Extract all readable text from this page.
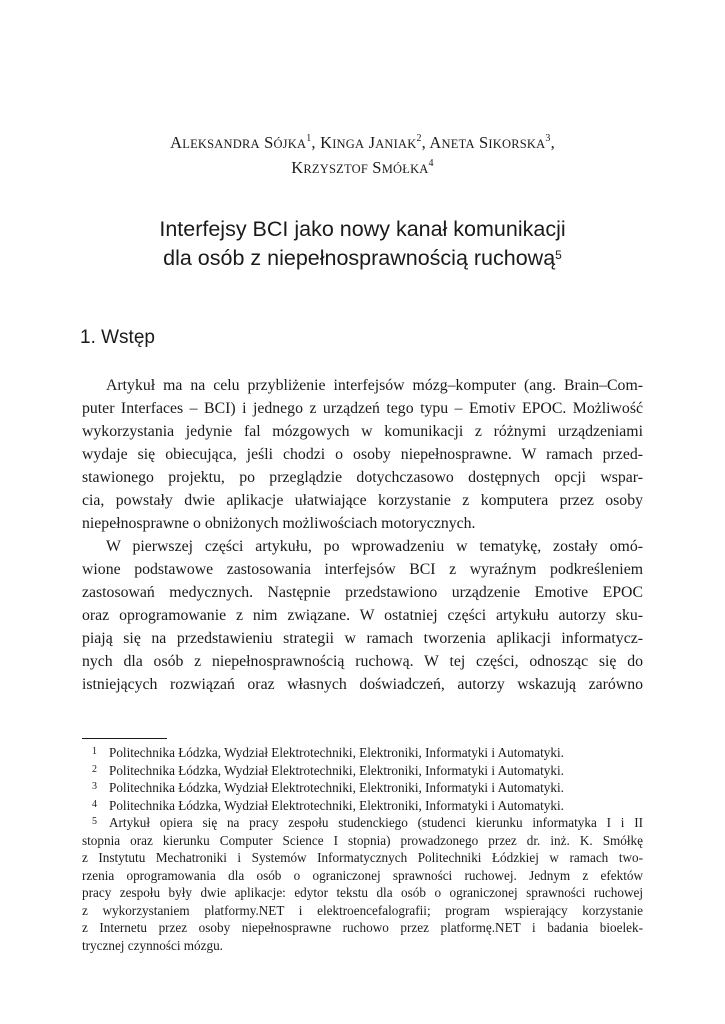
ALEKSANDRA SÓJKA$^1$, KINGA JANIAK$^2$, ANETA SIKORSKA$^3$,
KRZYSZTOF SMÓŁKA$^4$
Interfejsy BCI jako nowy kanał komunikacji
dla osób z niepełnosprawnością ruchową$^5$
1. Wstęp
Artykuł ma na celu przybliżenie interfejsów mózg–komputer (ang. Brain–Com-
puter Interfaces – BCI) i jednego z urządzeń tego typu – Emotiv EPOC. Możliwość
wykorzystania jedynie fal mózgowych w komunikacji z różnymi urządzeniami
wydaje się obiecująca, jeśli chodzi o osoby niepełnosprawne. W ramach przed-
stawionego projektu, po przeglądzie dotychczasowo dostępnych opcji wspar-
cia, powstały dwie aplikacje ułatwiające korzystanie z komputera przez osoby
niepełnosprawne o obniżonych możliwościach motorycznych.
W pierwszej części artykułu, po wprowadzeniu w tematykę, zostały omó-
wione podstawowe zastosowania interfejsów BCI z wyraźnym podkreśleniem
zastosowań medycznych. Następnie przedstawiono urządzenie Emotive EPOC
oraz oprogramowanie z nim związane. W ostatniej części artykułu autorzy sku-
piają się na przedstawieniu strategii w ramach tworzenia aplikacji informatycz-
nych dla osób z niepełnosprawnością ruchową. W tej części, odnosząc się do
istniejących rozwiązań oraz własnych doświadczeń, autorzy wskazują zarówno
1 Politechnika Łódzka, Wydział Elektrotechniki, Elektroniki, Informatyki i Automatyki.
2 Politechnika Łódzka, Wydział Elektrotechniki, Elektroniki, Informatyki i Automatyki.
3 Politechnika Łódzka, Wydział Elektrotechniki, Elektroniki, Informatyki i Automatyki.
4 Politechnika Łódzka, Wydział Elektrotechniki, Elektroniki, Informatyki i Automatyki.
5 Artykuł opiera się na pracy zespołu studenckiego (studenci kierunku informatyka I i II
stopnia oraz kierunku Computer Science I stopnia) prowadzonego przez dr. inż. K. Smółkę
z Instytutu Mechatroniki i Systemów Informatycznych Politechniki Łódzkiej w ramach two-
rzenia oprogramowania dla osób o ograniczonej sprawności ruchowej. Jednym z efektów
pracy zespołu były dwie aplikacje: edytor tekstu dla osób o ograniczonej sprawności ruchowej
z wykorzystaniem platformy.NET i elektroencefalografii; program wspierający korzystanie
z Internetu przez osoby niepełnosprawne ruchowo przez platformę.NET i badania bioelek-
trycznej czynności mózgu.
